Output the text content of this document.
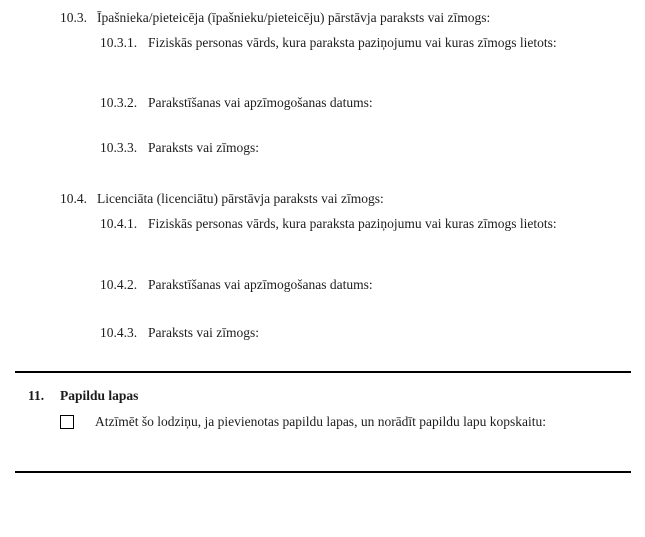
10.3. Īpašnieka/pieteicēja (īpašnieku/pieteicēju) pārstāvja paraksts vai zīmogs:
10.3.1. Fiziskās personas vārds, kura paraksta paziņojumu vai kuras zīmogs lietots:
10.3.2. Parakstīšanas vai apzīmogošanas datums:
10.3.3. Paraksts vai zīmogs:
10.4. Licenciāta (licenciātu) pārstāvja paraksts vai zīmogs:
10.4.1. Fiziskās personas vārds, kura paraksta paziņojumu vai kuras zīmogs lietots:
10.4.2. Parakstīšanas vai apzīmogošanas datums:
10.4.3. Paraksts vai zīmogs:
11.	Papildu lapas
Atzīmēt šo lodziņu, ja pievienotas papildu lapas, un norādīt papildu lapu kopskaitu:
